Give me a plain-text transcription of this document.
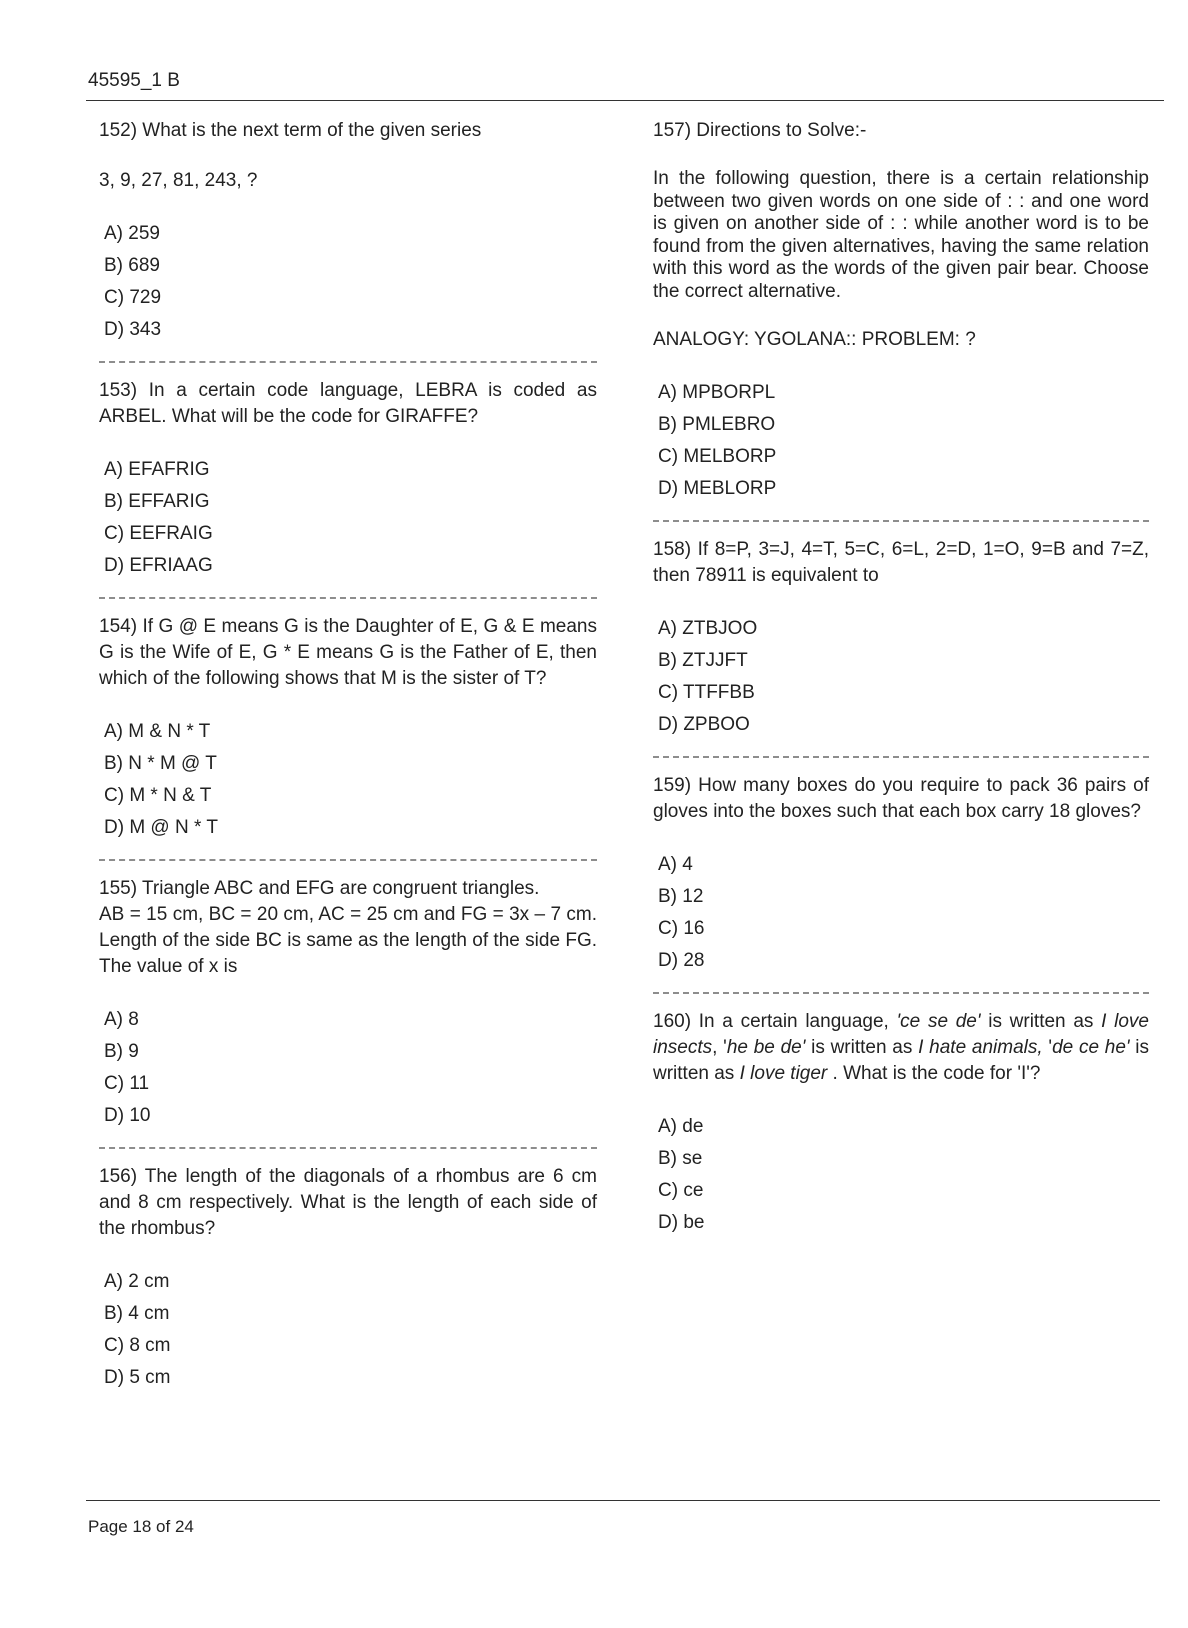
45595_1 B

152) What is the next term of the given series

3, 9, 27, 81, 243, ?

A) 259
B) 689
C) 729
D) 343

153) In a certain code language, LEBRA is coded as ARBEL. What will be the code for GIRAFFE?

A) EFAFRIG
B) EFFARIG
C) EEFRAIG
D) EFRIAAG

154) If G @ E means G is the Daughter of E, G & E means G is the Wife of E, G * E means G is the Father of E, then which of the following shows that M is the sister of T?

A) M & N * T
B) N * M @ T
C) M * N & T
D) M @ N * T

155) Triangle ABC and EFG are congruent triangles.

AB = 15 cm, BC = 20 cm, AC = 25 cm and FG = 3x – 7 cm. Length of the side BC is same as the length of the side FG. The value of x is

A) 8
B) 9
C) 11
D) 10

156) The length of the diagonals of a rhombus are 6 cm and 8 cm respectively. What is the length of each side of the rhombus?

A) 2 cm
B) 4 cm
C) 8 cm
D) 5 cm

157) Directions to Solve:-

In the following question, there is a certain relationship between two given words on one side of : : and one word is given on another side of : : while another word is to be found from the given alternatives, having the same relation with this word as the words of the given pair bear. Choose the correct alternative.

ANALOGY: YGOLANA:: PROBLEM: ?

A) MPBORPL
B) PMLEBRO
C) MELBORP
D) MEBLORP

158) If 8=P, 3=J, 4=T, 5=C, 6=L, 2=D, 1=O, 9=B and 7=Z, then 78911 is equivalent to

A) ZTBJOO
B) ZTJJFT
C) TTFFBB
D) ZPBOO

159) How many boxes do you require to pack 36 pairs of gloves into the boxes such that each box carry 18 gloves?

A) 4
B) 12
C) 16
D) 28

160) In a certain language, 'ce se de' is written as I love insects, 'he be de' is written as I hate animals, 'de ce he' is written as I love tiger . What is the code for 'I'?

A) de
B) se
C) ce
D) be
Page 18 of 24
